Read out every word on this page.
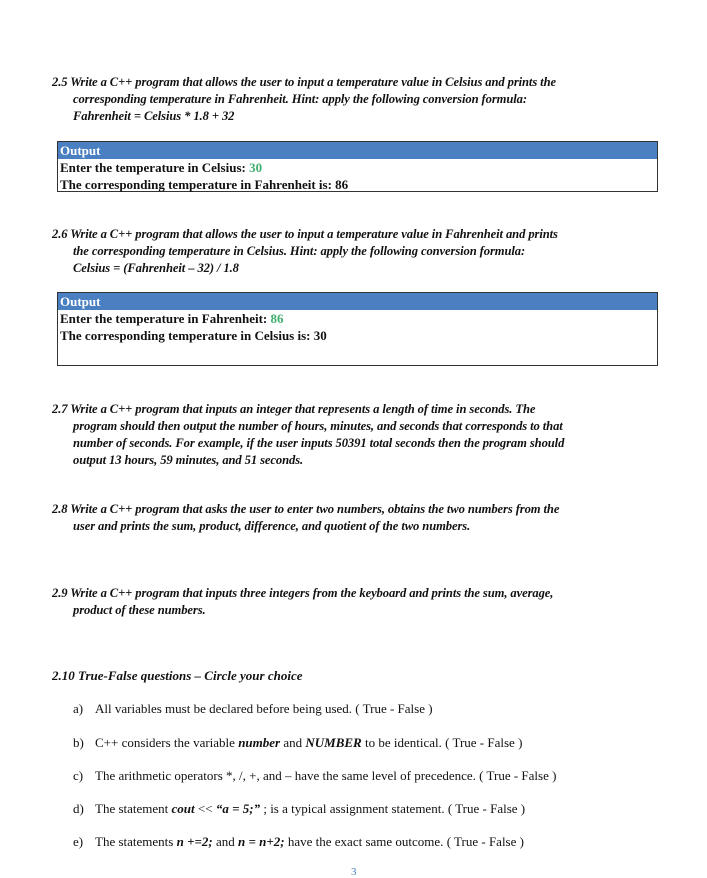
2.5 Write a C++ program that allows the user to input a temperature value in Celsius and prints the
corresponding temperature in Fahrenheit. Hint: apply the following conversion formula:
Fahrenheit = Celsius * 1.8 + 32
Output
Enter the temperature in Celsius: 30
The corresponding temperature in Fahrenheit is: 86
2.6 Write a C++ program that allows the user to input a temperature value in Fahrenheit and prints
the corresponding temperature in Celsius. Hint: apply the following conversion formula:
Celsius = (Fahrenheit – 32) / 1.8
Output
Enter the temperature in Fahrenheit: 86
The corresponding temperature in Celsius is: 30
2.7 Write a C++ program that inputs an integer that represents a length of time in seconds. The
program should then output the number of hours, minutes, and seconds that corresponds to that
number of seconds. For example, if the user inputs 50391 total seconds then the program should
output 13 hours, 59 minutes, and 51 seconds.
2.8 Write a C++ program that asks the user to enter two numbers, obtains the two numbers from the
user and prints the sum, product, difference, and quotient of the two numbers.
2.9 Write a C++ program that inputs three integers from the keyboard and prints the sum, average,
product of these numbers.
2.10 True-False questions – Circle your choice
a) All variables must be declared before being used. ( True - False )
b) C++ considers the variable number and NUMBER to be identical. ( True - False )
c) The arithmetic operators *, /, +, and – have the same level of precedence. ( True - False )
d) The statement cout << “a = 5;” ; is a typical assignment statement. ( True - False )
e) The statements n +=2; and n = n+2; have the exact same outcome. ( True - False )
3
